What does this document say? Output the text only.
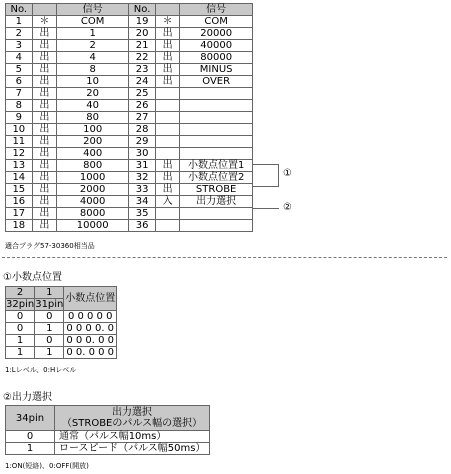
No.		信号	No.		信号
1	＊	COM	19	＊	COM
2	出	1	20	出	20000
3	出	2	21	出	40000
4	出	4	22	出	80000
5	出	8	23	出	MINUS
6	出	10	24	出	OVER
7	出	20	25		
8	出	40	26		
9	出	80	27		
10	出	100	28		
11	出	200	29		
12	出	400	30		
13	出	800	31	出	小数点位置1
14	出	1000	32	出	小数点位置2
15	出	2000	33	出	STROBE
16	出	4000	34	入	出力選択
17	出	8000	35		
18	出	10000	36		
①
②
適合プラグ57-30360相当品
①小数点位置
2	1	小数点位置
32pin	31pin	
0	0	0 0 0 0 0
0	1	0 0 0 0. 0
1	0	0 0 0. 0 0
1	1	0 0. 0 0 0
1:Lレベル、0:Hレベル
②出力選択
34pin	出力選択
（STROBEのパルス幅の選択）

0	通常（パルス幅10ms）
1	ロースピード（パルス幅50ms）
1:ON(短絡)、0:OFF(開放)
